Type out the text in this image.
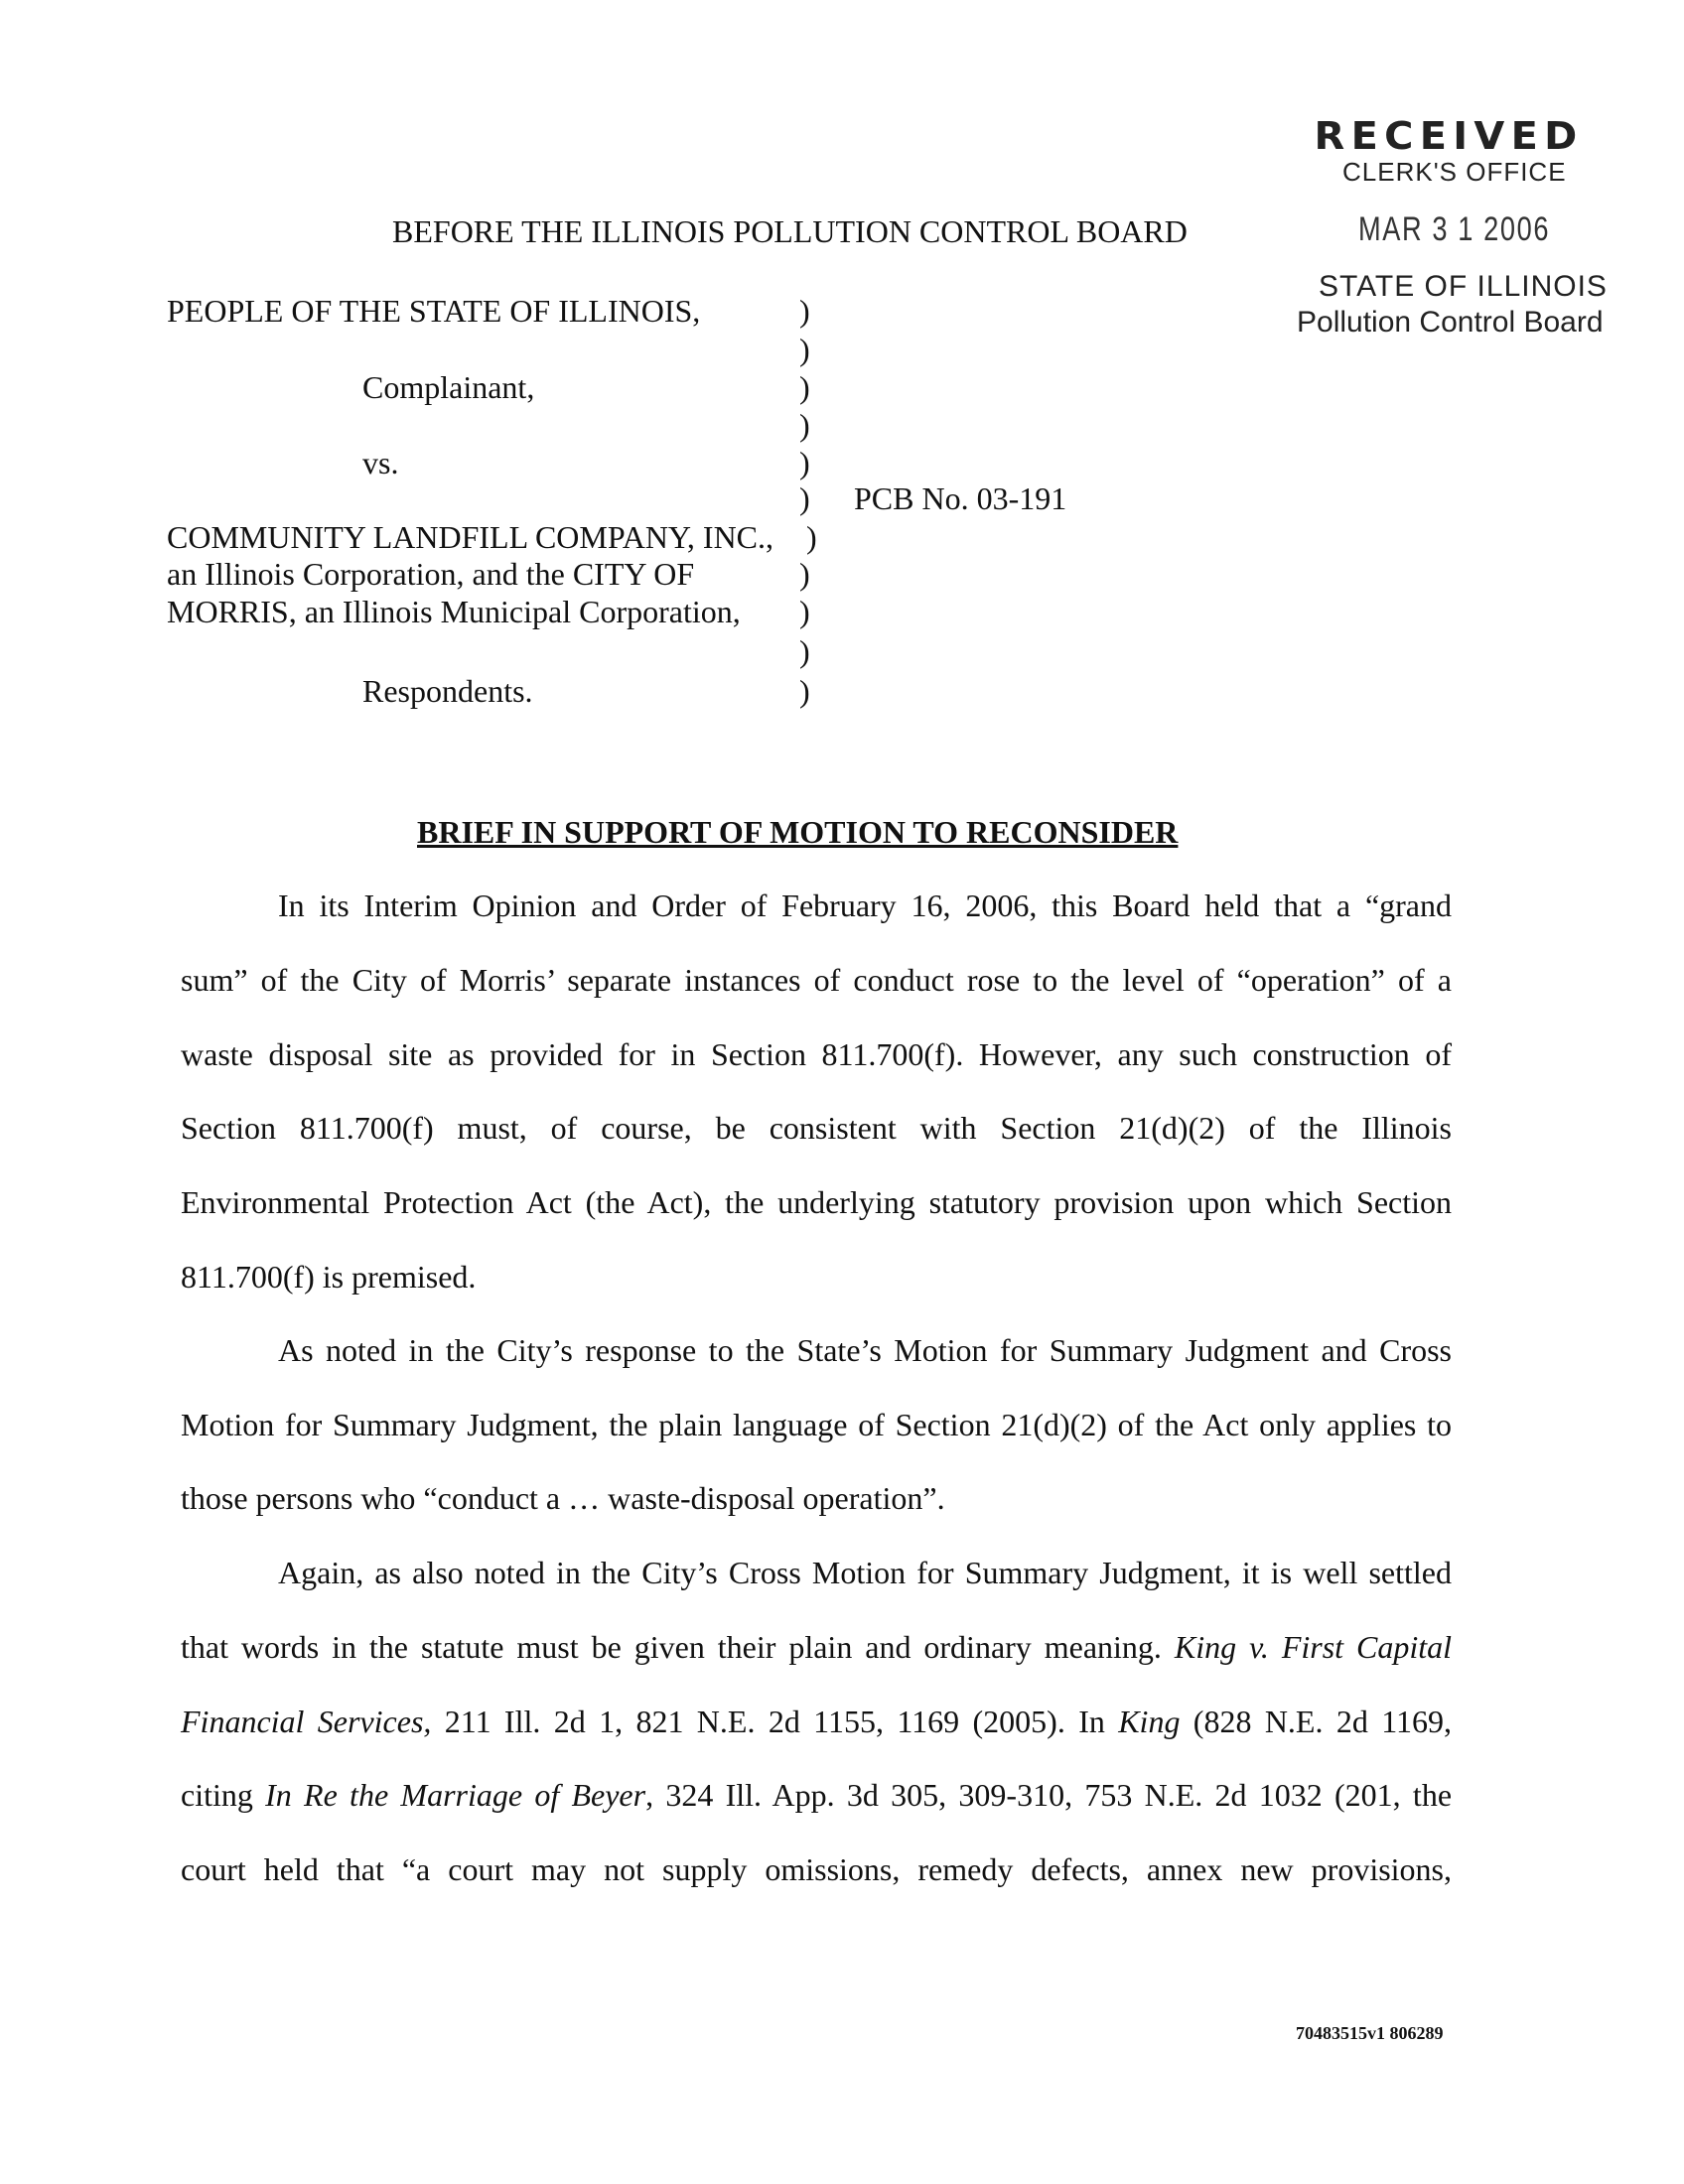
RECEIVED
CLERK'S OFFICE
MAR 3 1 2006
STATE OF ILLINOIS
Pollution Control Board
BEFORE THE ILLINOIS POLLUTION CONTROL BOARD
PEOPLE OF THE STATE OF ILLINOIS,
Complainant,
vs.
COMMUNITY LANDFILL COMPANY, INC.,
an Illinois Corporation, and the CITY OF
MORRIS, an Illinois Municipal Corporation,
Respondents.
)
)
)
)
)
)
)
)
)
)
)
PCB No. 03-191
BRIEF IN SUPPORT OF MOTION TO RECONSIDER
In its Interim Opinion and Order of February 16, 2006, this Board held that a “grand
sum” of the City of Morris’ separate instances of conduct rose to the level of “operation” of a
waste disposal site as provided for in Section 811.700(f). However, any such construction of
Section 811.700(f) must, of course, be consistent with Section 21(d)(2) of the Illinois
Environmental Protection Act (the Act), the underlying statutory provision upon which Section
811.700(f) is premised.
As noted in the City’s response to the State’s Motion for Summary Judgment and Cross
Motion for Summary Judgment, the plain language of Section 21(d)(2) of the Act only applies to
those persons who “conduct a … waste-disposal operation”.
Again, as also noted in the City’s Cross Motion for Summary Judgment, it is well settled
that words in the statute must be given their plain and ordinary meaning. King v. First Capital
Financial Services, 211 Ill. 2d 1, 821 N.E. 2d 1155, 1169 (2005). In King (828 N.E. 2d 1169,
citing In Re the Marriage of Beyer, 324 Ill. App. 3d 305, 309-310, 753 N.E. 2d 1032 (201, the
court held that “a court may not supply omissions, remedy defects, annex new provisions,
70483515v1 806289
